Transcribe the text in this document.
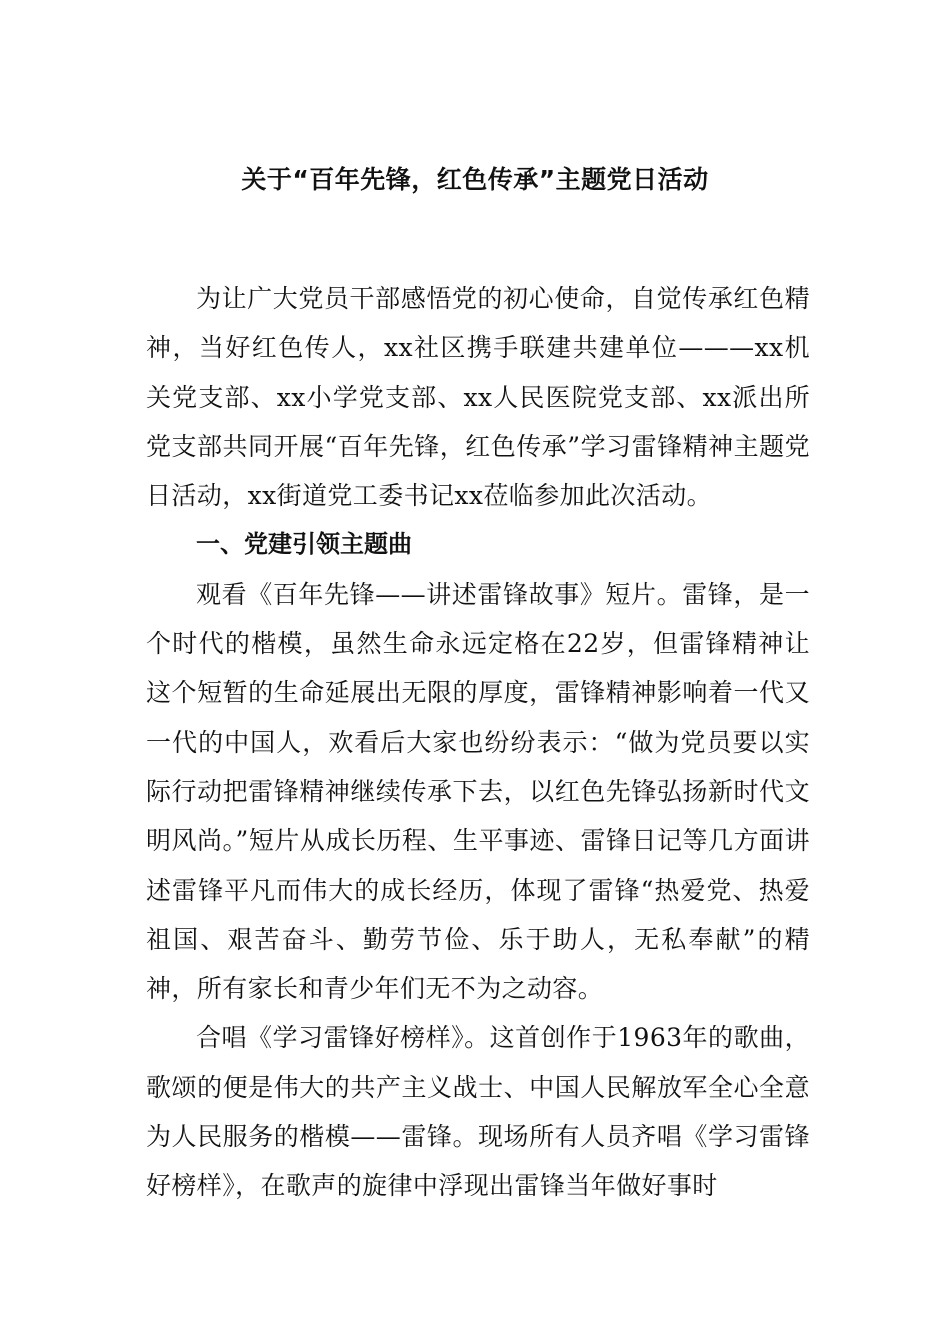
关于“百年先锋，红色传承”主题党日活动

为让广大党员干部感悟党的初心使命，自觉传承红色精神，当好红色传人，xx社区携手联建共建单位———xx机关党支部、xx小学党支部、xx人民医院党支部、xx派出所党支部共同开展“百年先锋，红色传承”学习雷锋精神主题党日活动，xx街道党工委书记xx莅临参加此次活动。

一、党建引领主题曲

观看《百年先锋——讲述雷锋故事》短片。雷锋，是一个时代的楷模，虽然生命永远定格在22岁，但雷锋精神让这个短暂的生命延展出无限的厚度，雷锋精神影响着一代又一代的中国人，欢看后大家也纷纷表示：“做为党员要以实际行动把雷锋精神继续传承下去，以红色先锋弘扬新时代文明风尚。”短片从成长历程、生平事迹、雷锋日记等几方面讲述雷锋平凡而伟大的成长经历，体现了雷锋“热爱党、热爱祖国、艰苦奋斗、勤劳节俭、乐于助人，无私奉献”的精神，所有家长和青少年们无不为之动容。

合唱《学习雷锋好榜样》。这首创作于1963年的歌曲，歌颂的便是伟大的共产主义战士、中国人民解放军全心全意为人民服务的楷模——雷锋。现场所有人员齐唱《学习雷锋好榜样》，在歌声的旋律中浮现出雷锋当年做好事时
